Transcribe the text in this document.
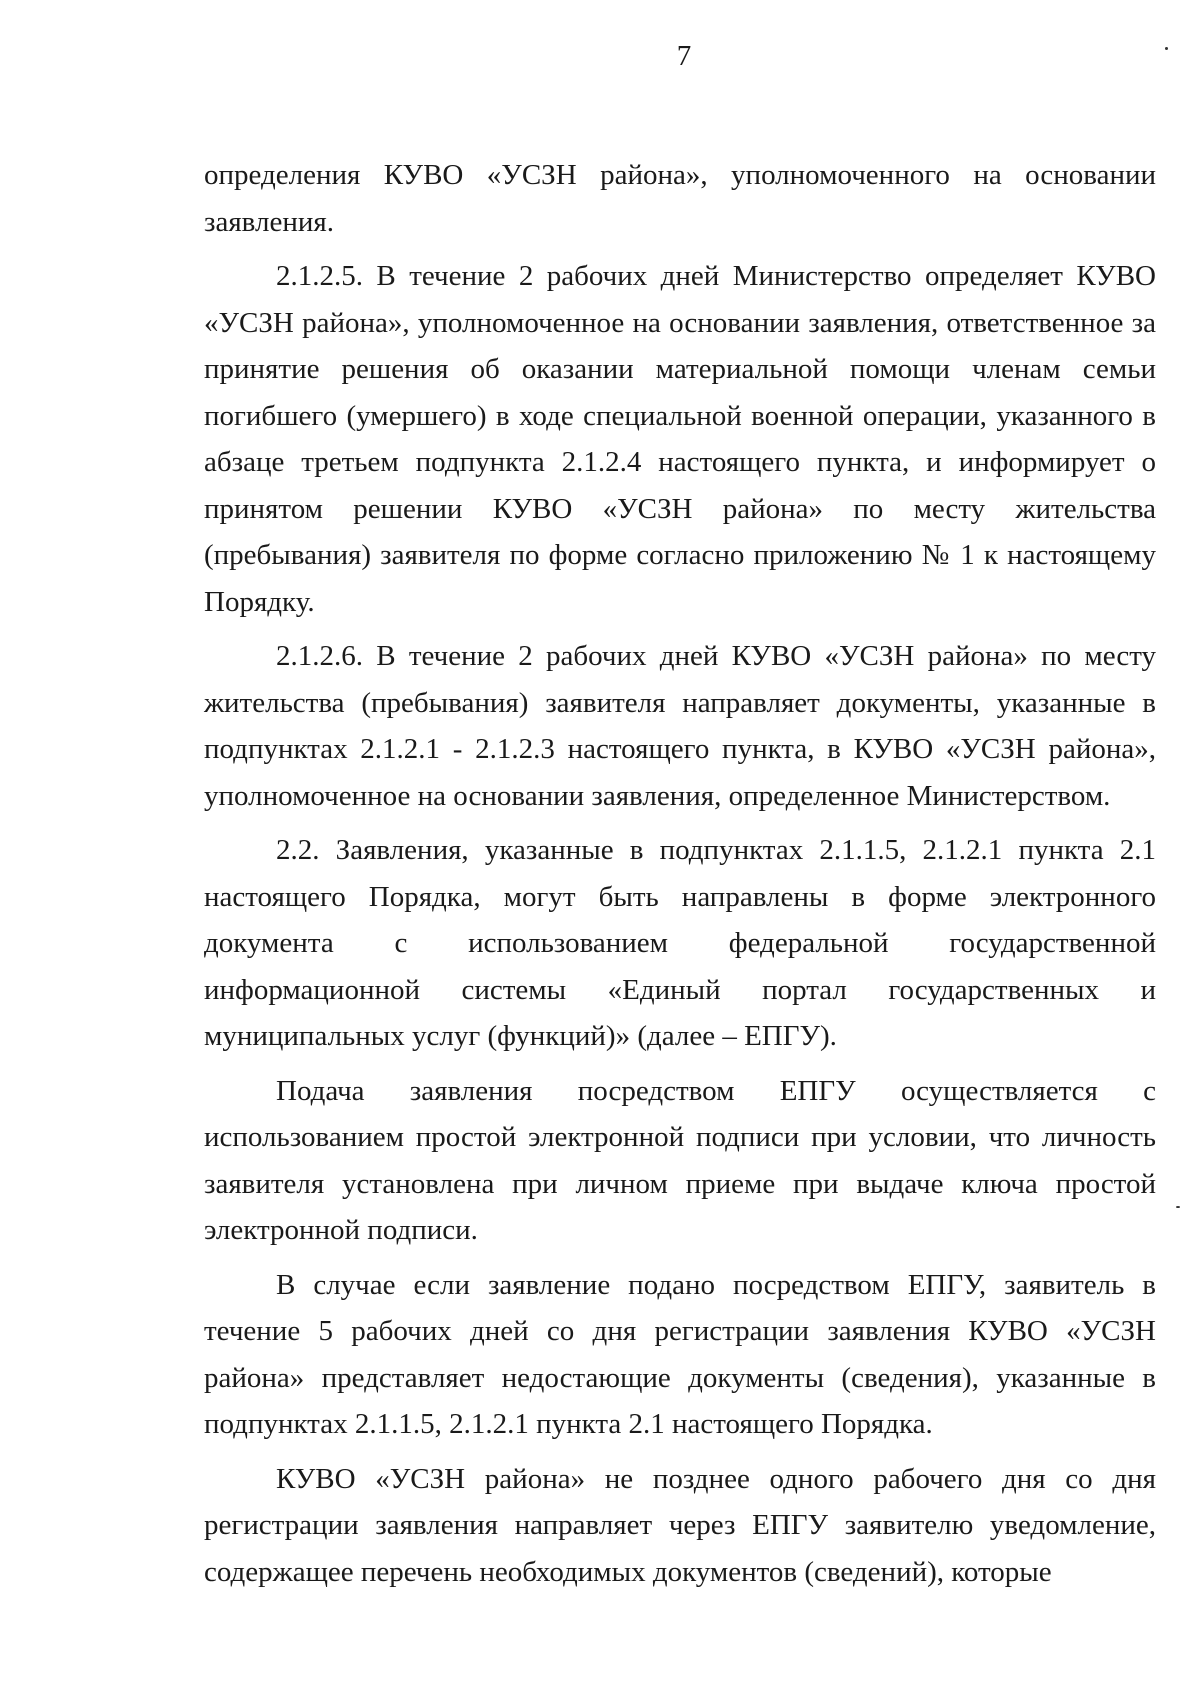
7

определения КУВО «УСЗН района», уполномоченного на основании заявления.

2.1.2.5. В течение 2 рабочих дней Министерство определяет КУВО «УСЗН района», уполномоченное на основании заявления, ответственное за принятие решения об оказании материальной помощи членам семьи погибшего (умершего) в ходе специальной военной операции, указанного в абзаце третьем подпункта 2.1.2.4 настоящего пункта, и информирует о принятом решении КУВО «УСЗН района» по месту жительства (пребывания) заявителя по форме согласно приложению № 1 к настоящему Порядку.

2.1.2.6. В течение 2 рабочих дней КУВО «УСЗН района» по месту жительства (пребывания) заявителя направляет документы, указанные в подпунктах 2.1.2.1 - 2.1.2.3 настоящего пункта, в КУВО «УСЗН района», уполномоченное на основании заявления, определенное Министерством.

2.2. Заявления, указанные в подпунктах 2.1.1.5, 2.1.2.1 пункта 2.1 настоящего Порядка, могут быть направлены в форме электронного документа с использованием федеральной государственной информационной системы «Единый портал государственных и муниципальных услуг (функций)» (далее – ЕПГУ).

Подача заявления посредством ЕПГУ осуществляется с использованием простой электронной подписи при условии, что личность заявителя установлена при личном приеме при выдаче ключа простой электронной подписи.

В случае если заявление подано посредством ЕПГУ, заявитель в течение 5 рабочих дней со дня регистрации заявления КУВО «УСЗН района» представляет недостающие документы (сведения), указанные в подпунктах 2.1.1.5, 2.1.2.1 пункта 2.1 настоящего Порядка.

КУВО «УСЗН района» не позднее одного рабочего дня со дня регистрации заявления направляет через ЕПГУ заявителю уведомление, содержащее перечень необходимых документов (сведений), которые
